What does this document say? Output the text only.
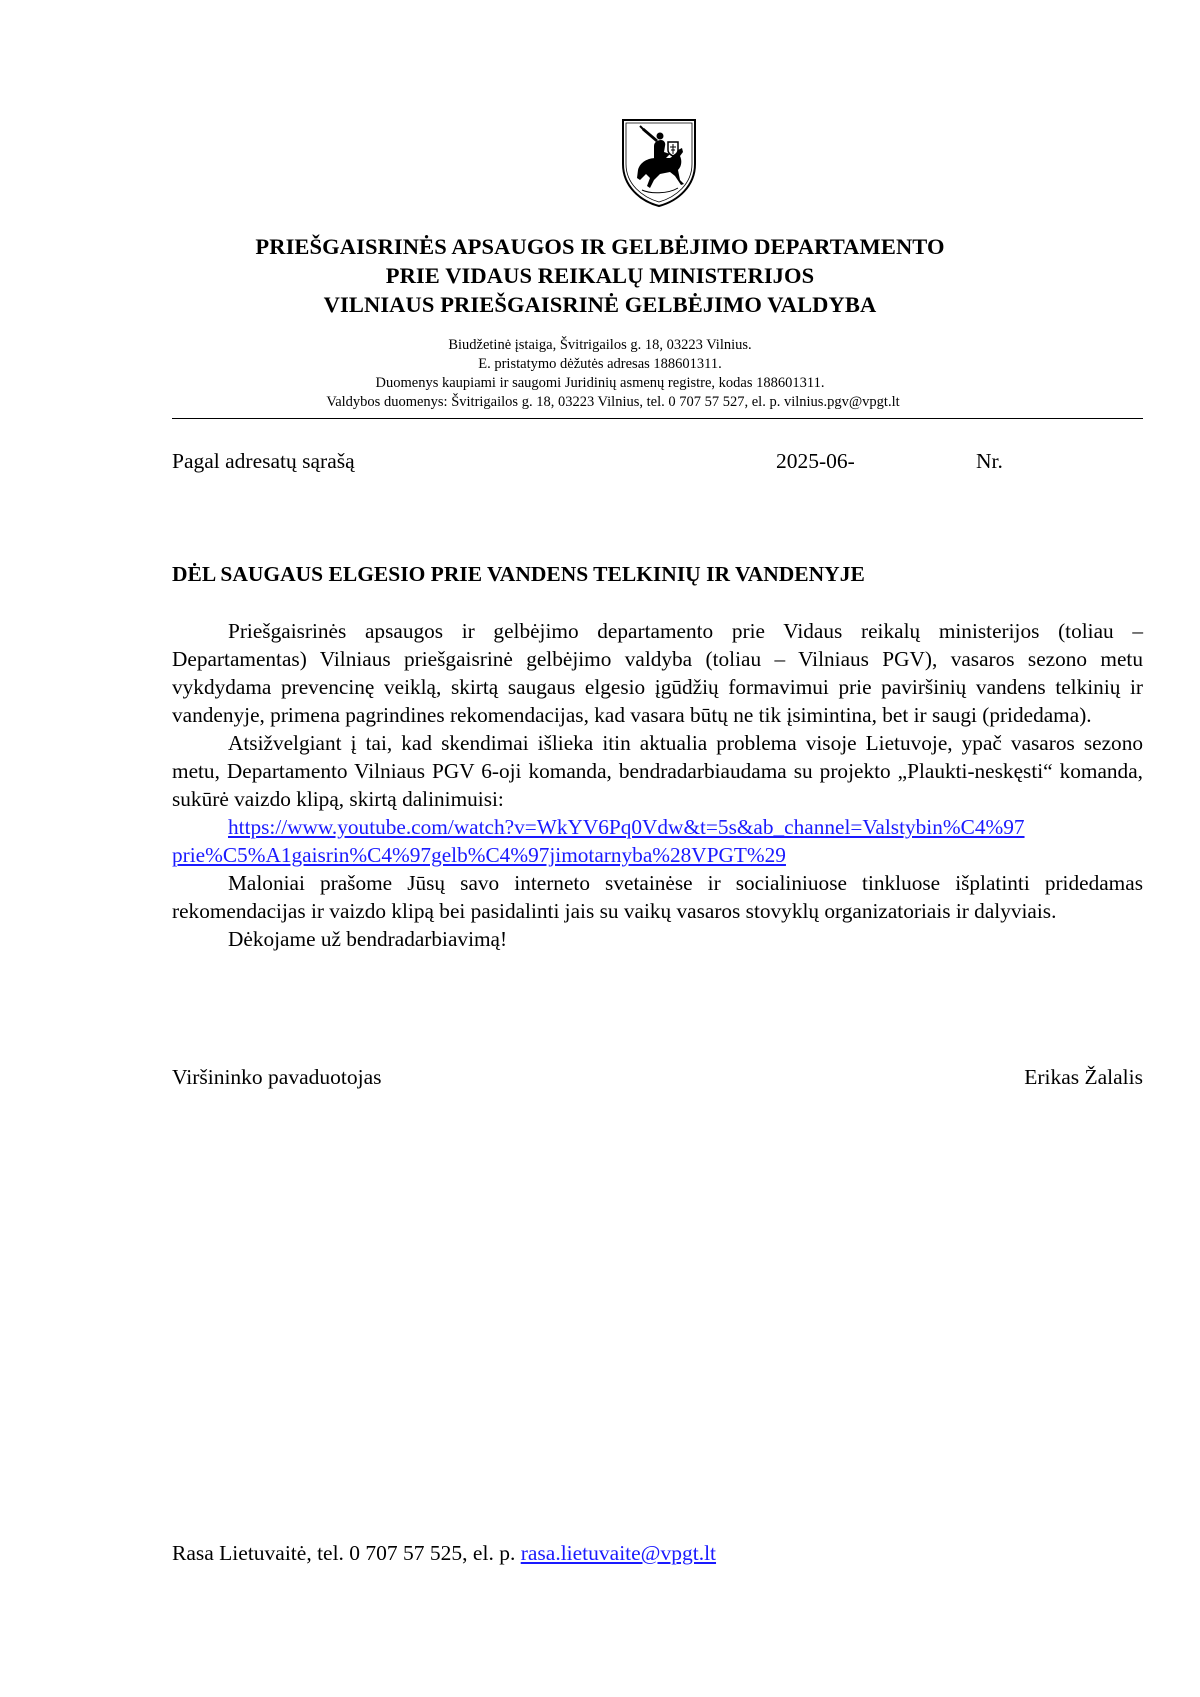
PRIEŠGAISRINĖS APSAUGOS IR GELBĖJIMO DEPARTAMENTO
PRIE VIDAUS REIKALŲ MINISTERIJOS
VILNIAUS PRIEŠGAISRINĖ GELBĖJIMO VALDYBA
Biudžetinė įstaiga, Švitrigailos g. 18, 03223 Vilnius.
E. pristatymo dėžutės adresas 188601311.
Duomenys kaupiami ir saugomi Juridinių asmenų registre, kodas 188601311.
Valdybos duomenys: Švitrigailos g. 18, 03223 Vilnius, tel. 0 707 57 527, el. p. vilnius.pgv@vpgt.lt
Pagal adresatų sąrašą	2025-06-	Nr.
DĖL SAUGAUS ELGESIO PRIE VANDENS TELKINIŲ IR VANDENYJE

Priešgaisrinės apsaugos ir gelbėjimo departamento prie Vidaus reikalų ministerijos (toliau – Departamentas) Vilniaus priešgaisrinė gelbėjimo valdyba (toliau – Vilniaus PGV), vasaros sezono metu vykdydama prevencinę veiklą, skirtą saugaus elgesio įgūdžių formavimui prie paviršinių vandens telkinių ir vandenyje, primena pagrindines rekomendacijas, kad vasara būtų ne tik įsimintina, bet ir saugi (pridedama).

Atsižvelgiant į tai, kad skendimai išlieka itin aktualia problema visoje Lietuvoje, ypač vasaros sezono metu, Departamento Vilniaus PGV 6-oji komanda, bendradarbiaudama su projekto „Plaukti-neskęsti“ komanda, sukūrė vaizdo klipą, skirtą dalinimuisi:

https://www.youtube.com/watch?v=WkYV6Pq0Vdw&t=5s&ab_channel=Valstybin%C4%97
prie%C5%A1gaisrin%C4%97gelb%C4%97jimotarnyba%28VPGT%29

Maloniai prašome Jūsų savo interneto svetainėse ir socialiniuose tinkluose išplatinti pridedamas rekomendacijas ir vaizdo klipą bei pasidalinti jais su vaikų vasaros stovyklų organizatoriais ir dalyviais.

Dėkojame už bendradarbiavimą!

Viršininko pavaduotojas	Erikas Žalalis
Rasa Lietuvaitė, tel. 0 707 57 525, el. p. rasa.lietuvaite@vpgt.lt
